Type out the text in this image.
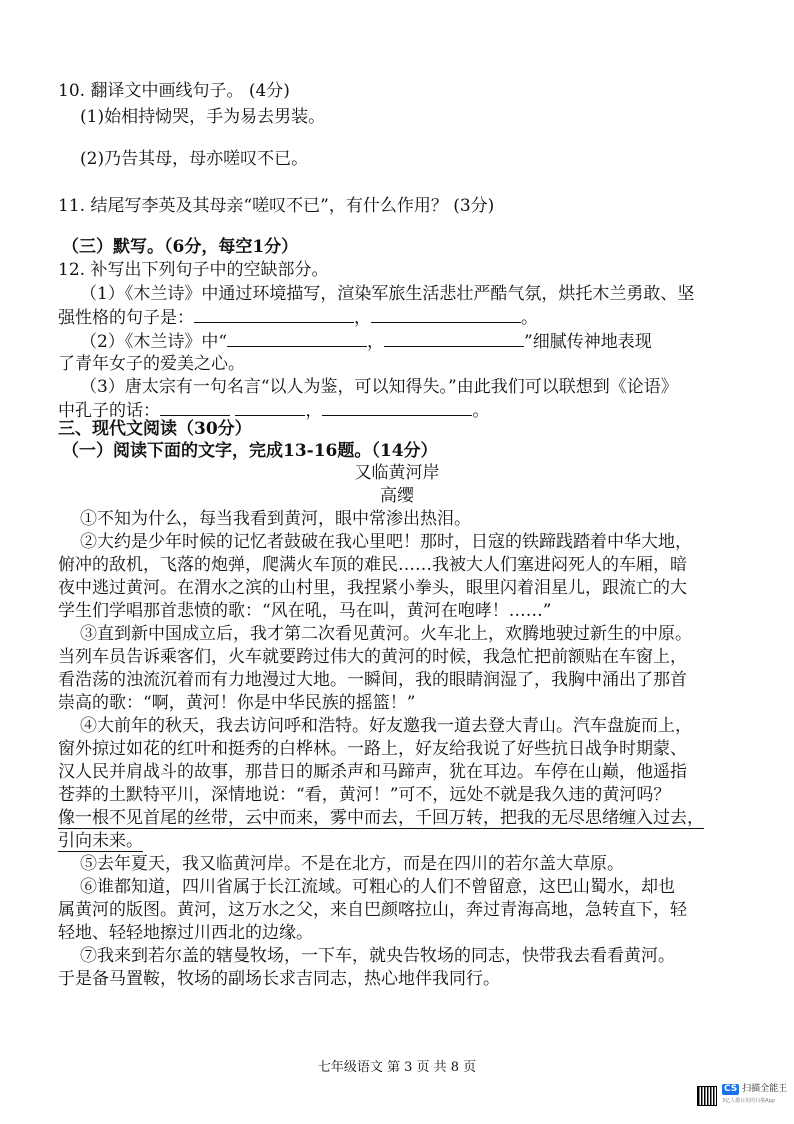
10. 翻译文中画线句子。 (4分)
(1)始相持恸哭，手为易去男装。
(2)乃告其母，母亦嗟叹不已。
11. 结尾写李英及其母亲“嗟叹不已”，有什么作用？ (3分)
（三）默写。（6分，每空1分）
12. 补写出下列句子中的空缺部分。
（1）《木兰诗》中通过环境描写，渲染军旅生活悲壮严酷气氛，烘托木兰勇敢、坚
强性格的句子是：	，	。
（2）《木兰诗》中“	，	”细腻传神地表现
了青年女子的爱美之心。
（3）唐太宗有一句名言“以人为鉴，可以知得失。”由此我们可以联想到《论语》
中孔子的话：	，	。
三、现代文阅读（30分）
（一）阅读下面的文字，完成13-16题。（14分）
又临黄河岸
高缨
①不知为什么，每当我看到黄河，眼中常渗出热泪。
②大约是少年时候的记忆者鼓破在我心里吧！那时，日寇的铁蹄践踏着中华大地，
俯冲的敌机，飞落的炮弹，爬满火车顶的难民……我被大人们塞进闷死人的车厢，暗
夜中逃过黄河。在渭水之滨的山村里，我捏紧小拳头，眼里闪着泪星儿，跟流亡的大
学生们学唱那首悲愤的歌：“风在吼，马在叫，黄河在咆哮！……”
③直到新中国成立后，我才第二次看见黄河。火车北上，欢腾地驶过新生的中原。
当列车员告诉乘客们，火车就要跨过伟大的黄河的时候，我急忙把前额贴在车窗上，
看浩荡的浊流沉着而有力地漫过大地。一瞬间，我的眼睛润湿了，我胸中涌出了那首
崇高的歌：“啊，黄河！你是中华民族的摇篮！”
④大前年的秋天，我去访问呼和浩特。好友邀我一道去登大青山。汽车盘旋而上，
窗外掠过如花的红叶和挺秀的白桦林。一路上，好友给我说了好些抗日战争时期蒙、
汉人民并肩战斗的故事，那昔日的厮杀声和马蹄声，犹在耳边。车停在山巅，他遥指
苍莽的土默特平川，深情地说：“看，黄河！”可不，远处不就是我久违的黄河吗？
像一根不见首尾的丝带，云中而来，雾中而去，千回万转，把我的无尽思绪缠入过去，
引向未来。
⑤去年夏天，我又临黄河岸。不是在北方，而是在四川的若尔盖大草原。
⑥谁都知道，四川省属于长江流域。可粗心的人们不曾留意，这巴山蜀水，却也
属黄河的版图。黄河，这万水之父，来自巴颜喀拉山，奔过青海高地，急转直下，轻
轻地、轻轻地擦过川西北的边缘。
⑦我来到若尔盖的辖曼牧场，一下车，就央告牧场的同志，快带我去看看黄河。
于是备马置鞍，牧场的副场长求吉同志，热心地伴我同行。
七年级语文 第 3 页 共 8 页
CS 扫描全能王
3亿人都在用的扫描App
